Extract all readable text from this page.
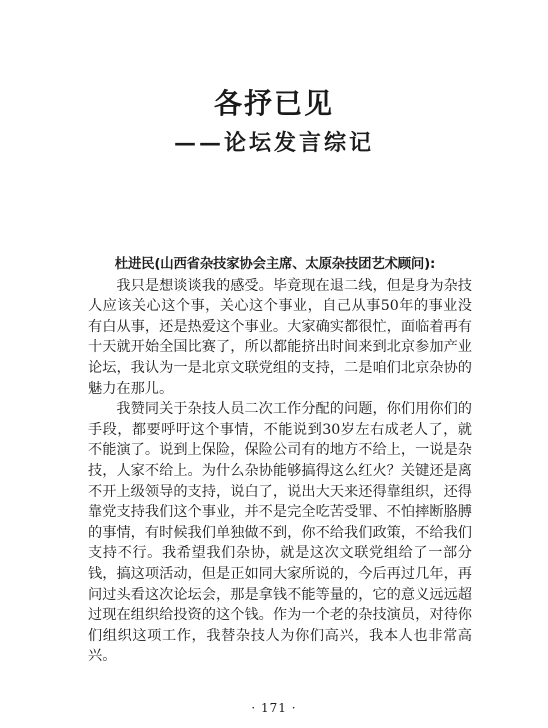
各抒已见
——论坛发言综记

杜进民(山西省杂技家协会主席、太原杂技团艺术顾问):

我只是想谈谈我的感受。毕竟现在退二线，但是身为杂技人应该关心这个事，关心这个事业，自己从事50年的事业没有白从事，还是热爱这个事业。大家确实都很忙，面临着再有十天就开始全国比赛了，所以都能挤出时间来到北京参加产业论坛，我认为一是北京文联党组的支持，二是咱们北京杂协的魅力在那儿。

我赞同关于杂技人员二次工作分配的问题，你们用你们的手段，都要呼吁这个事情，不能说到30岁左右成老人了，就不能演了。说到上保险，保险公司有的地方不给上，一说是杂技，人家不给上。为什么杂协能够搞得这么红火？关键还是离不开上级领导的支持，说白了，说出大天来还得靠组织，还得靠党支持我们这个事业，并不是完全吃苦受罪、不怕摔断胳膊的事情，有时候我们单独做不到，你不给我们政策，不给我们支持不行。我希望我们杂协，就是这次文联党组给了一部分钱，搞这项活动，但是正如同大家所说的，今后再过几年，再问过头看这次论坛会，那是拿钱不能等量的，它的意义远远超过现在组织给投资的这个钱。作为一个老的杂技演员，对待你们组织这项工作，我替杂技人为你们高兴，我本人也非常高兴。

· 171 ·
